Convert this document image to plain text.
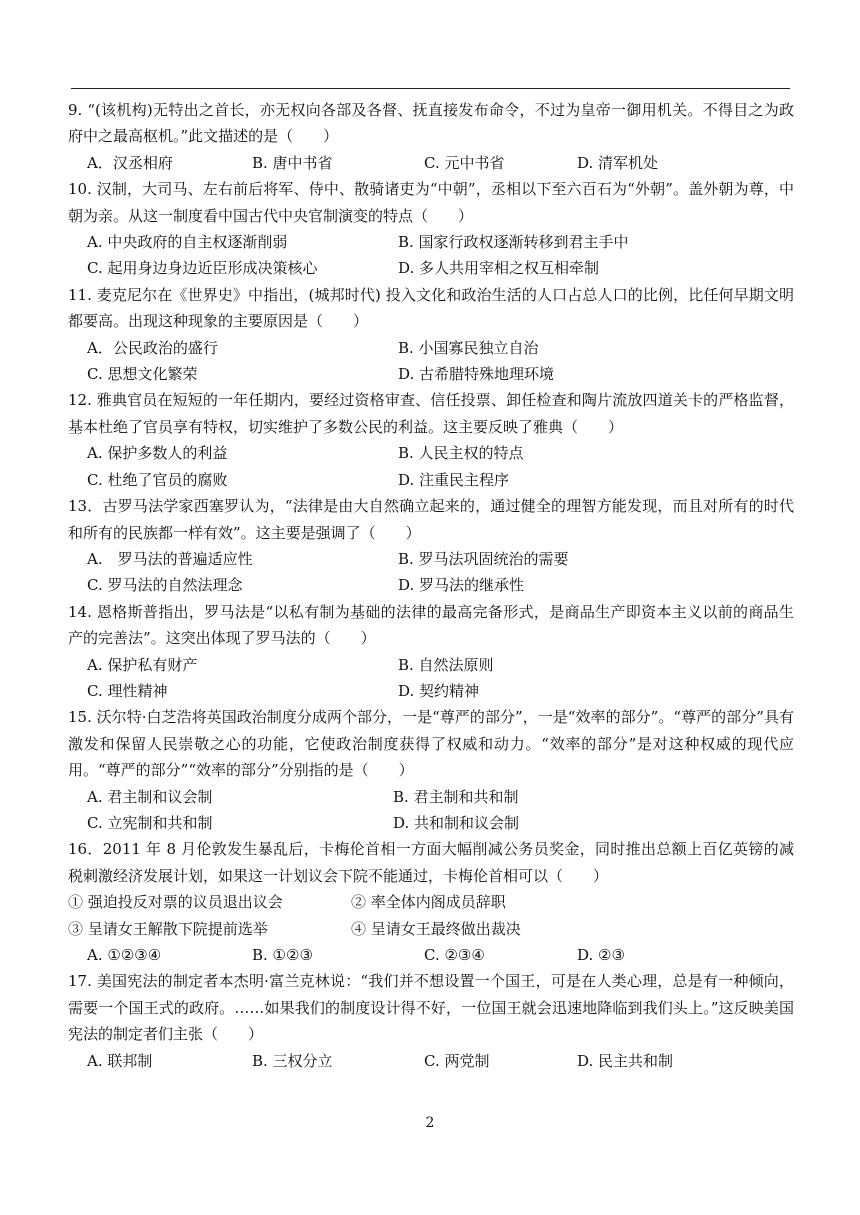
9. “(该机构)无特出之首长，亦无权向各部及各督、抚直接发布命令，不过为皇帝一御用机关。不得目之为政府中之最高枢机。”此文描述的是（　　）
A．汉丞相府	B. 唐中书省	C. 元中书省	D. 清军机处
10. 汉制，大司马、左右前后将军、侍中、散骑诸吏为“中朝”，丞相以下至六百石为“外朝”。盖外朝为尊，中朝为亲。从这一制度看中国古代中央官制演变的特点（　　）
A. 中央政府的自主权逐渐削弱	B. 国家行政权逐渐转移到君主手中
C. 起用身边身边近臣形成决策核心	D. 多人共用宰相之权互相牵制
11. 麦克尼尔在《世界史》中指出，(城邦时代) 投入文化和政治生活的人口占总人口的比例，比任何早期文明都要高。出现这种现象的主要原因是（　　）
A．公民政治的盛行	B. 小国寡民独立自治
C. 思想文化繁荣	D. 古希腊特殊地理环境
12. 雅典官员在短短的一年任期内，要经过资格审查、信任投票、卸任检查和陶片流放四道关卡的严格监督，基本杜绝了官员享有特权，切实维护了多数公民的利益。这主要反映了雅典（　　）
A. 保护多数人的利益	B. 人民主权的特点
C. 杜绝了官员的腐败	D. 注重民主程序
13．古罗马法学家西塞罗认为，“法律是由大自然确立起来的，通过健全的理智方能发现，而且对所有的时代和所有的民族都一样有效”。这主要是强调了（　　）
A.　罗马法的普遍适应性	B. 罗马法巩固统治的需要
C. 罗马法的自然法理念	D. 罗马法的继承性
14. 恩格斯普指出，罗马法是“以私有制为基础的法律的最高完备形式，是商品生产即资本主义以前的商品生产的完善法”。这突出体现了罗马法的（　　）
A. 保护私有财产	B. 自然法原则
C. 理性精神	D. 契约精神
15. 沃尔特·白芝浩将英国政治制度分成两个部分，一是“尊严的部分”，一是“效率的部分”。“尊严的部分”具有激发和保留人民崇敬之心的功能，它使政治制度获得了权威和动力。“效率的部分”是对这种权威的现代应用。“尊严的部分”“效率的部分”分别指的是（　　）
A. 君主制和议会制	B. 君主制和共和制
C. 立宪制和共和制	D. 共和制和议会制
16．2011 年 8 月伦敦发生暴乱后，卡梅伦首相一方面大幅削减公务员奖金，同时推出总额上百亿英镑的减税刺激经济发展计划，如果这一计划议会下院不能通过，卡梅伦首相可以（　　）
① 强迫投反对票的议员退出议会	② 率全体内阁成员辞职
③ 呈请女王解散下院提前选举	④ 呈请女王最终做出裁决
A. ①②③④	B. ①②③	C. ②③④	D. ②③
17. 美国宪法的制定者本杰明·富兰克林说：“我们并不想设置一个国王，可是在人类心理，总是有一种倾向，需要一个国王式的政府。……如果我们的制度设计得不好，一位国王就会迅速地降临到我们头上。”这反映美国宪法的制定者们主张（　　）
A. 联邦制	B. 三权分立	C. 两党制	D. 民主共和制
2
